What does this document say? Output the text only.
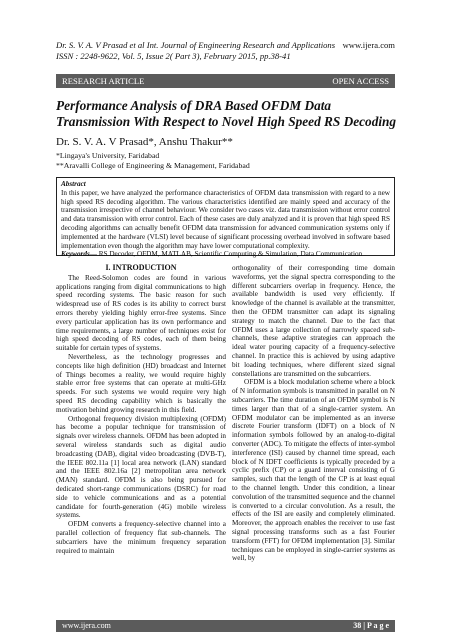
Dr. S. V. A. V Prasad et al Int. Journal of Engineering Research and Applications
ISSN : 2248-9622, Vol. 5, Issue 2( Part 3), February 2015, pp.38-41
www.ijera.com
RESEARCH ARTICLE	OPEN ACCESS
Performance Analysis of DRA Based OFDM Data Transmission With Respect to Novel High Speed RS Decoding
Dr. S. V. A. V Prasad*, Anshu Thakur**
*Lingaya's University, Faridabad
**Aravalli College of Engineering & Management, Faridabad
Abstract
In this paper, we have analyzed the performance characteristics of OFDM data transmission with regard to a new high speed RS decoding algorithm. The various characteristics identified are mainly speed and accuracy of the transmission irrespective of channel behaviour. We consider two cases viz. data transmission without error control and data transmission with error control. Each of these cases are duly analyzed and it is proven that high speed RS decoding algorithms can actually benefit OFDM data transmission for advanced communication systems only if implemented at the hardware (VLSI) level because of significant processing overhead involved in software based implementation even though the algorithm may have lower computational complexity.
Keywords— RS Decoder, OFDM, MATLAB, Scientific Computing & Simulation, Data Communication
I. INTRODUCTION

The Reed-Solomon codes are found in various applications ranging from digital communications to high speed recording systems. The basic reason for such widespread use of RS codes is its ability to correct burst errors thereby yielding highly error-free systems. Since every particular application has its own performance and time requirements, a large number of techniques exist for high speed decoding of RS codes, each of them being suitable for certain types of systems.

Nevertheless, as the technology progresses and concepts like high definition (HD) broadcast and Internet of Things becomes a reality, we would require highly stable error free systems that can operate at multi-GHz speeds. For such systems we would require very high speed RS decoding capability which is basically the motivation behind growing research in this field.

Orthogonal frequency division multiplexing (OFDM) has become a popular technique for transmission of signals over wireless channels. OFDM has been adopted in several wireless standards such as digital audio broadcasting (DAB), digital video broadcasting (DVB-T), the IEEE 802.11a [1] local area network (LAN) standard and the IEEE 802.16a [2] metropolitan area network (MAN) standard. OFDM is also being pursued for dedicated short-range communications (DSRC) for road side to vehicle communications and as a potential candidate for fourth-generation (4G) mobile wireless systems.

OFDM converts a frequency-selective channel into a parallel collection of frequency flat sub-channels. The subcarriers have the minimum frequency separation required to maintain

orthogonality of their corresponding time domain waveforms, yet the signal spectra corresponding to the different subcarriers overlap in frequency. Hence, the available bandwidth is used very efficiently. If knowledge of the channel is available at the transmitter, then the OFDM transmitter can adapt its signaling strategy to match the channel. Due to the fact that OFDM uses a large collection of narrowly spaced sub-channels, these adaptive strategies can approach the ideal water pouring capacity of a frequency-selective channel. In practice this is achieved by using adaptive bit loading techniques, where different sized signal constellations are transmitted on the subcarriers.

OFDM is a block modulation scheme where a block of N information symbols is transmitted in parallel on N subcarriers. The time duration of an OFDM symbol is N times larger than that of a single-carrier system. An OFDM modulator can be implemented as an inverse discrete Fourier transform (IDFT) on a block of N information symbols followed by an analog-to-digital converter (ADC). To mitigate the effects of inter-symbol interference (ISI) caused by channel time spread, each block of N IDFT coefficients is typically preceded by a cyclic prefix (CP) or a guard interval consisting of G samples, such that the length of the CP is at least equal to the channel length. Under this condition, a linear convolution of the transmitted sequence and the channel is converted to a circular convolution. As a result, the effects of the ISI are easily and completely eliminated. Moreover, the approach enables the receiver to use fast signal processing transforms such as a fast Fourier transform (FFT) for OFDM implementation [3]. Similar techniques can be employed in single-carrier systems as well, by

www.ijera.com	38 | P a g e
